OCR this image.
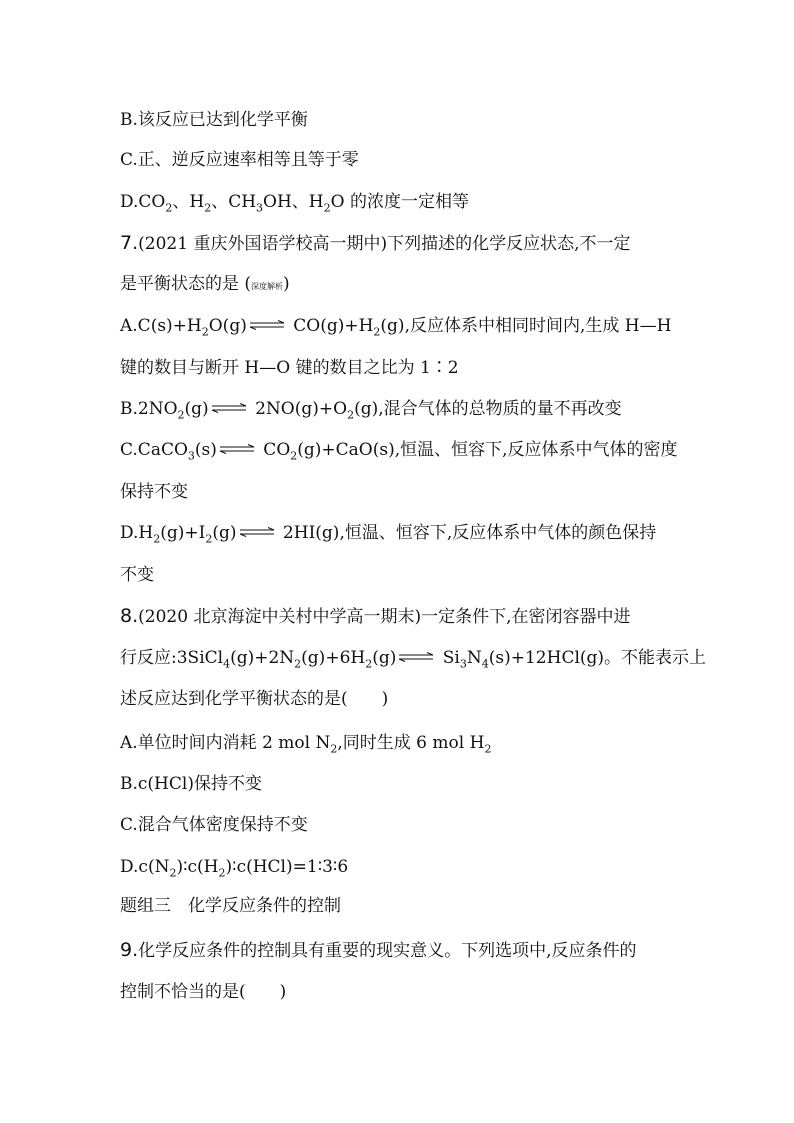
B.该反应已达到化学平衡
C.正、逆反应速率相等且等于零
$D.CO_2$、$H_2$、$CH_3OH$、$H_2O$ 的浓度一定相等
7.(2021 重庆外国语学校高一期中)下列描述的化学反应状态,不一定
是平衡状态的是 (深度解析)
$A.C(s)+H_2O(g)$ $CO(g)+H_2(g)$,反应体系中相同时间内,生成 H—H
键的数目与断开 H—O 键的数目之比为 1∶2
$B.2NO_2(g)$ $2NO(g)+O_2(g)$,混合气体的总物质的量不再改变
C.CaCO$_3$(s) $CO_2(g)+CaO(s)$,恒温、恒容下,反应体系中气体的密度
保持不变
$D.H_2(g)+I_2(g)$ 2HI(g),恒温、恒容下,反应体系中气体的颜色保持
不变
8.(2020 北京海淀中关村中学高一期末)一定条件下,在密闭容器中进
行反应$:3SiCl_4(g)+2N_2(g)+6H_2(g)$ $Si_3N_4(s)+12HCl(g)$。不能表示上
述反应达到化学平衡状态的是(　　)
A.单位时间内消耗 2 mol $N_2$,同时生成 6 mol $H_2$
B.c(HCl)保持不变
C.混合气体密度保持不变
$D.c(N_2)∶c(H_2)∶c(HCl)=1∶3∶6$
题组三　化学反应条件的控制
9.化学反应条件的控制具有重要的现实意义。下列选项中,反应条件的
控制不恰当的是(　　)
